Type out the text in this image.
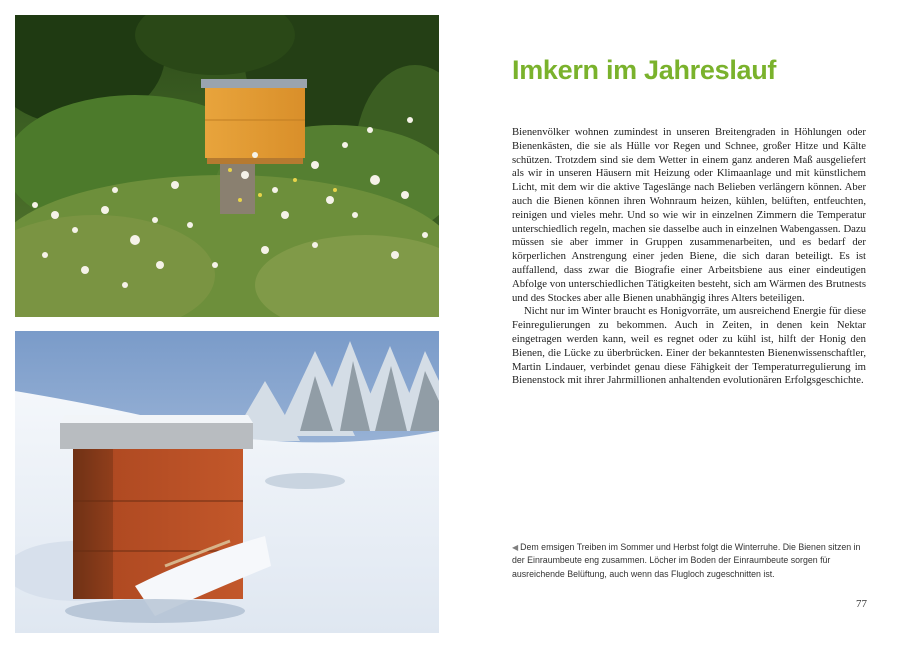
Imkern im Jahreslauf

Bienenvölker wohnen zumindest in unseren Breitengraden in Höhlungen oder Bienenkästen, die sie als Hülle vor Regen und Schnee, großer Hitze und Kälte schützen. Trotzdem sind sie dem Wetter in einem ganz anderen Maß ausgeliefert als wir in unseren Häusern mit Heizung oder Klimaanlage und mit künstlichem Licht, mit dem wir die aktive Tageslänge nach Belieben verlängern können. Aber auch die Bienen können ihren Wohnraum heizen, kühlen, belüften, entfeuchten, reinigen und vieles mehr. Und so wie wir in einzelnen Zimmern die Temperatur unterschiedlich regeln, machen sie dasselbe auch in einzelnen Wabengassen. Dazu müssen sie aber immer in Gruppen zusammenarbeiten, und es bedarf der körperlichen Anstrengung einer jeden Biene, die sich daran beteiligt. Es ist auffallend, dass zwar die Biografie einer Arbeitsbiene aus einer eindeutigen Abfolge von unterschiedlichen Tätigkeiten besteht, sich am Wärmen des Brutnests und des Stockes aber alle Bienen unabhängig ihres Alters beteiligen.

Nicht nur im Winter braucht es Honigvorräte, um ausreichend Energie für diese Feinregulierungen zu bekommen. Auch in Zeiten, in denen kein Nektar eingetragen werden kann, weil es regnet oder zu kühl ist, hilft der Honig den Bienen, die Lücke zu überbrücken. Einer der bekanntesten Bienenwissenschaftler, Martin Lindauer, verbindet genau diese Fähigkeit der Temperaturregulierung im Bienenstock mit ihrer Jahrmillionen anhaltenden evolutionären Erfolgsgeschichte.

◀ Dem emsigen Treiben im Sommer und Herbst folgt die Winterruhe. Die Bienen sitzen in der Einraumbeute eng zusammen. Löcher im Boden der Einraumbeute sorgen für ausreichende Belüftung, auch wenn das Flugloch zugeschnitten ist.
77
